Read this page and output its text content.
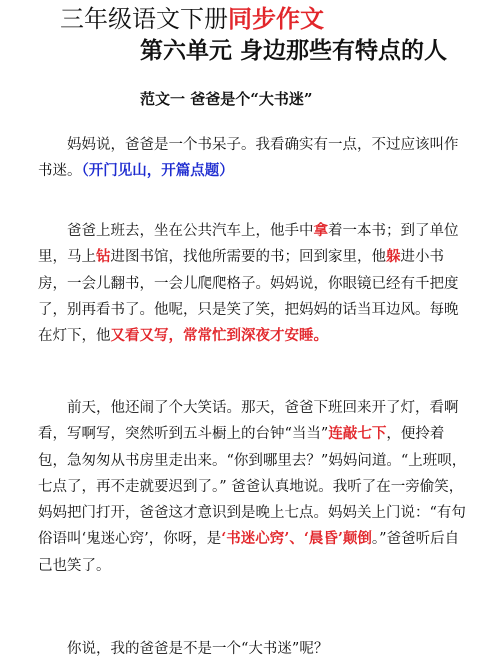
三年级语文下册同步作文
第六单元 身边那些有特点的人
范文一 爸爸是个“大书迷”

妈妈说，爸爸是一个书呆子。我看确实有一点，不过应该叫作书迷。（开门见山，开篇点题）

爸爸上班去，坐在公共汽车上，他手中拿着一本书；到了单位里，马上钻进图书馆，找他所需要的书；回到家里，他躲进小书房，一会儿翻书，一会儿爬爬格子。妈妈说，你眼镜已经有千把度了，别再看书了。他呢，只是笑了笑，把妈妈的话当耳边风。每晚在灯下，他又看又写，常常忙到深夜才安睡。

前天，他还闹了个大笑话。那天，爸爸下班回来开了灯，看啊看，写啊写，突然听到五斗橱上的台钟“当当”连敲七下，便拎着包，急匆匆从书房里走出来。“你到哪里去？”妈妈问道。“上班呗，七点了，再不走就要迟到了。” 爸爸认真地说。我听了在一旁偷笑，妈妈把门打开，爸爸这才意识到是晚上七点。妈妈关上门说：“有句俗语叫‘鬼迷心窍’，你呀，是‘书迷心窍’、‘晨昏’颠倒。”爸爸听后自己也笑了。

你说，我的爸爸是不是一个“大书迷”呢？
